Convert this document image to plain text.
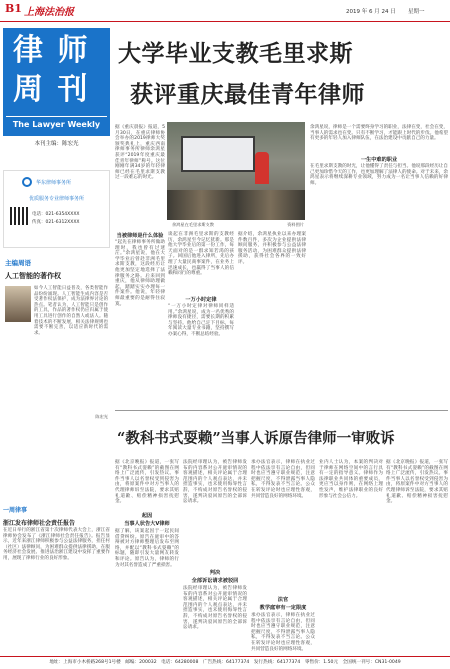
B1 上海法治报	2019 年 6 月 24 日 星期一
律 师
周 刊
The Lawyer Weekly
本刊主编：陈宏光
华东律师事务所
优质服务专业律师事务所
电话：021-6354XXXX
传真：021-6312XXXX
大学毕业支教毛里求斯
获评重庆最佳青年律师
余鸿星在毛里求斯支教	资料图片
据《重庆晨报》报道，5月30日，在重庆律师协会举办的2019律师大奖颁奖典礼上，重庆西南律师事务所律师余鸿星获评“2019年度重庆最佳青年律师”称号。这位刚刚年满34岁的年轻律师已经在毛里求斯支教过一段难忘的时光。
当被律师是什么体验
“起先在律师事务所做助理时，我也曾有过迷茫。”余鸿星说，他在大学毕业后曾赴非洲毛里求斯支教，这段经历让他更加坚定地选择了法律服务之路。后来回到重庆，他从律师助理做起，踏踏实实办理每一件案件。他说，年轻律师最重要的是耐得住寂寞。
谈起在非洲毛里求斯的支教经历，余鸿星至今记忆犹新。那是他大学毕业后的第一份工作，每天面对的是一群求知若渴的孩子。回国后他进入律所，先后办理了大量民商事案件，在业务上迅速成长，也赢得了当事人的信赖和同行的尊重。
一万小时定律
“一万小时定律对律师同样适用。”余鸿星说，成为一名优秀的律师没有捷径，需要长期的积累与坚持。他给自己定下目标，每年阅读大量专业书籍，坚持撰写办案心得，不断总结经验。
据介绍，余鸿星执业以来办理案件数百件，多次为企业提供法律顾问服务，并积极参与公益法律服务活动，为困难群众提供法律援助，获得社会各界的一致好评。
余鸿星说，律师是一个需要终身学习的职业，法律在变，社会在变，当事人的需求也在变。只有不断学习，才能跟上时代的步伐。他希望有更多的年轻人加入律师队伍，在法治建设中贡献自己的力量。
一生中难的职业
在毛里求斯支教的时光，让他懂得了责任与担当。他说那段经历让自己更加珍惜今天的工作，也更加理解了法律人的使命。对于未来，余鸿星表示将继续深耕专业领域，努力成为一名让当事人信赖的好律师。
主编周语
人工智能的著作权
如今人工智能日益普及，各类智能作品纷纷涌现。人工智能生成内容是否受著作权法保护，成为法律界讨论的热点。笔者认为，人工智能只是创作的工具，作品的著作权仍应归属于使用工具进行创作的自然人或法人。随着技术的不断发展，相关法律规则也需要不断完善，以适应新时代的需求。
陈宏光
一周律事
浙江发布律师社会责任报告
在近日举行的浙江省第十次律师代表大会上，浙江省律师协会发布了《浙江律师社会责任报告》。报告显示，近年来浙江律师积极参与公益法律服务，担任村（社区）法律顾问，为困难群众提供法律援助，在服务经济社会发展、推进法治浙江建设中发挥了重要作用，展现了律师行业的良好形象。
“教科书式耍赖”当事人诉原告律师一审败诉
据《北京晚报》报道，一张写有“教科书式耍赖”的截图在网络上广泛流传，引发热议。事件当事人以名誉权受到侵害为由，将原案件中对方当事人的代理律师诉至法院，要求其赔礼道歉、赔偿精神损害抚慰金。
起因
当事人状告大V律师
据了解，该案起因于一起民间借贷纠纷。原告在庭审中的答辩被对方律师整理后发布至网络，并配以“教科书式耍赖”的标题，随即引发大量网友转发和评论。原告认为，律师的行为对其名誉造成了严重损害。
判决
全部诉讼请求被驳回
法院经审理认为，被告律师发布的内容系对公开庭审情况的客观描述，相关评论属于合理范围内的个人观点表达，并未捏造事实，也未使用侮辱性言辞，不构成对原告名誉权的侵害，遂判决驳回原告的全部诉讼请求。
法院经审理认为，被告律师发布的内容系对公开庭审情况的客观描述，相关评论属于合理范围内的个人观点表达，并未捏造事实，也未使用侮辱性言辞，不构成对原告名誉权的侵害，遂判决驳回原告的全部诉讼请求。
承办法官表示，律师在执业过程中依法享有言论自由，但同时也应当遵守职业规范，注意把握尺度，不得泄露当事人隐私，不得发表不当言论。公众在转发评论时也应理性客观，共同营造良好的网络环境。
法官
教学庭审有一定限度
承办法官表示，律师在执业过程中依法享有言论自由，但同时也应当遵守职业规范，注意把握尺度，不得泄露当事人隐私，不得发表不当言论。公众在转发评论时也应理性客观，共同营造良好的网络环境。
业内人士认为，本案的判决对于律师在网络空间中的言行具有一定的指导意义。律师作为法律职业共同体的重要成员，更应当以身作则，在网络上理性发声，维护法律职业的良好形象与社会公信力。
据《北京晚报》报道，一张写有“教科书式耍赖”的截图在网络上广泛流传，引发热议。事件当事人以名誉权受到侵害为由，将原案件中对方当事人的代理律师诉至法院，要求其赔礼道歉、赔偿精神损害抚慰金。
地址：上海市小木桥路268号1号楼　邮编：200032　电话：64280008　广告热线：64177374　发行热线：64177374　零售价：1.50元　全国统一刊号：CN31-0049
